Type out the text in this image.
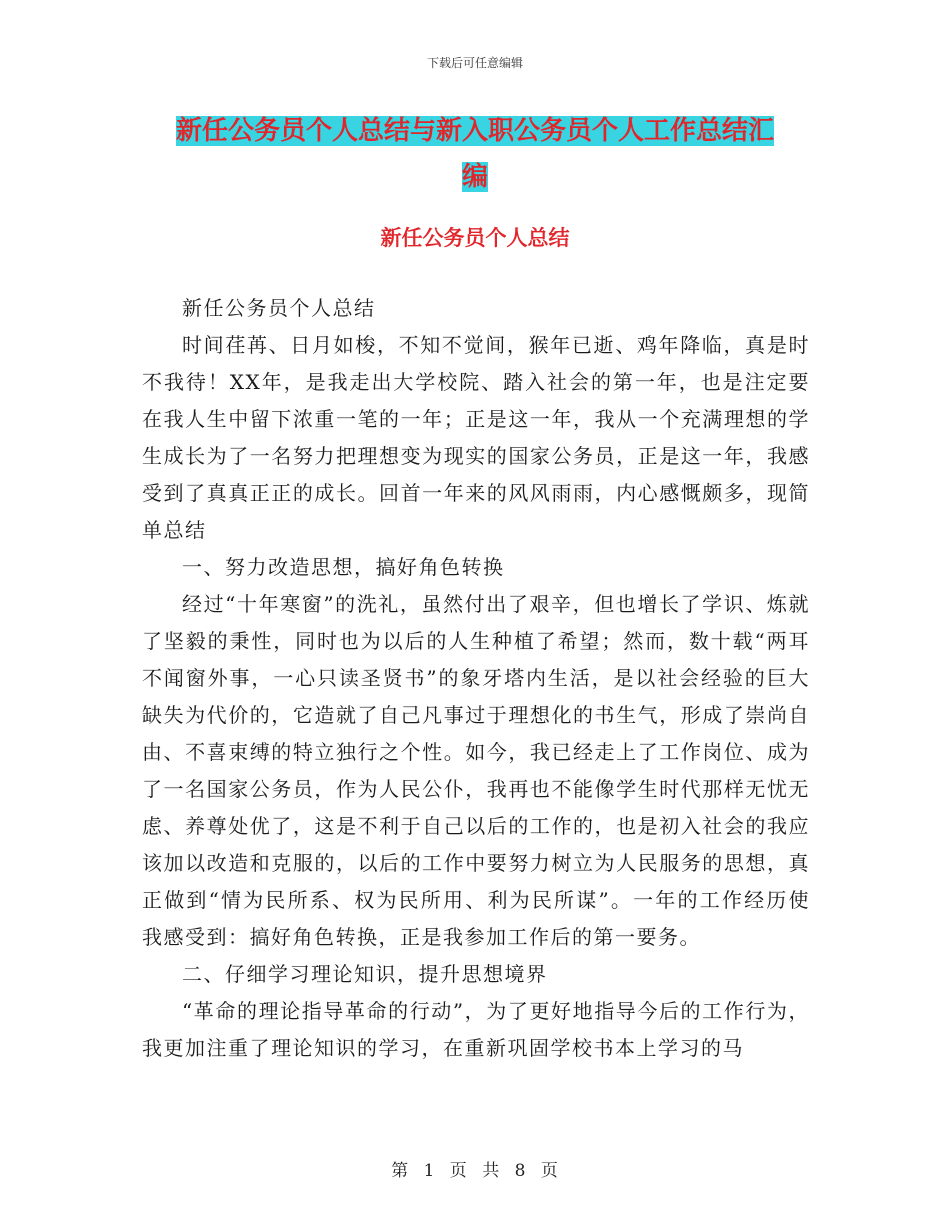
下载后可任意编辑
新任公务员个人总结与新入职公务员个人工作总结汇
编
新任公务员个人总结

新任公务员个人总结

时间荏苒、日月如梭，不知不觉间，猴年已逝、鸡年降临，真是时不我待！XX年，是我走出大学校院、踏入社会的第一年，也是注定要在我人生中留下浓重一笔的一年；正是这一年，我从一个充满理想的学生成长为了一名努力把理想变为现实的国家公务员，正是这一年，我感受到了真真正正的成长。回首一年来的风风雨雨，内心感慨颇多，现简单总结

一、努力改造思想，搞好角色转换

经过“十年寒窗”的洗礼，虽然付出了艰辛，但也增长了学识、炼就了坚毅的秉性，同时也为以后的人生种植了希望；然而，数十载“两耳不闻窗外事，一心只读圣贤书”的象牙塔内生活，是以社会经验的巨大缺失为代价的，它造就了自己凡事过于理想化的书生气，形成了崇尚自由、不喜束缚的特立独行之个性。如今，我已经走上了工作岗位、成为了一名国家公务员，作为人民公仆，我再也不能像学生时代那样无忧无虑、养尊处优了，这是不利于自己以后的工作的，也是初入社会的我应该加以改造和克服的，以后的工作中要努力树立为人民服务的思想，真正做到“情为民所系、权为民所用、利为民所谋”。一年的工作经历使我感受到：搞好角色转换，正是我参加工作后的第一要务。

二、仔细学习理论知识，提升思想境界

“革命的理论指导革命的行动”，为了更好地指导今后的工作行为，我更加注重了理论知识的学习，在重新巩固学校书本上学习的马

第 1 页 共 8 页
